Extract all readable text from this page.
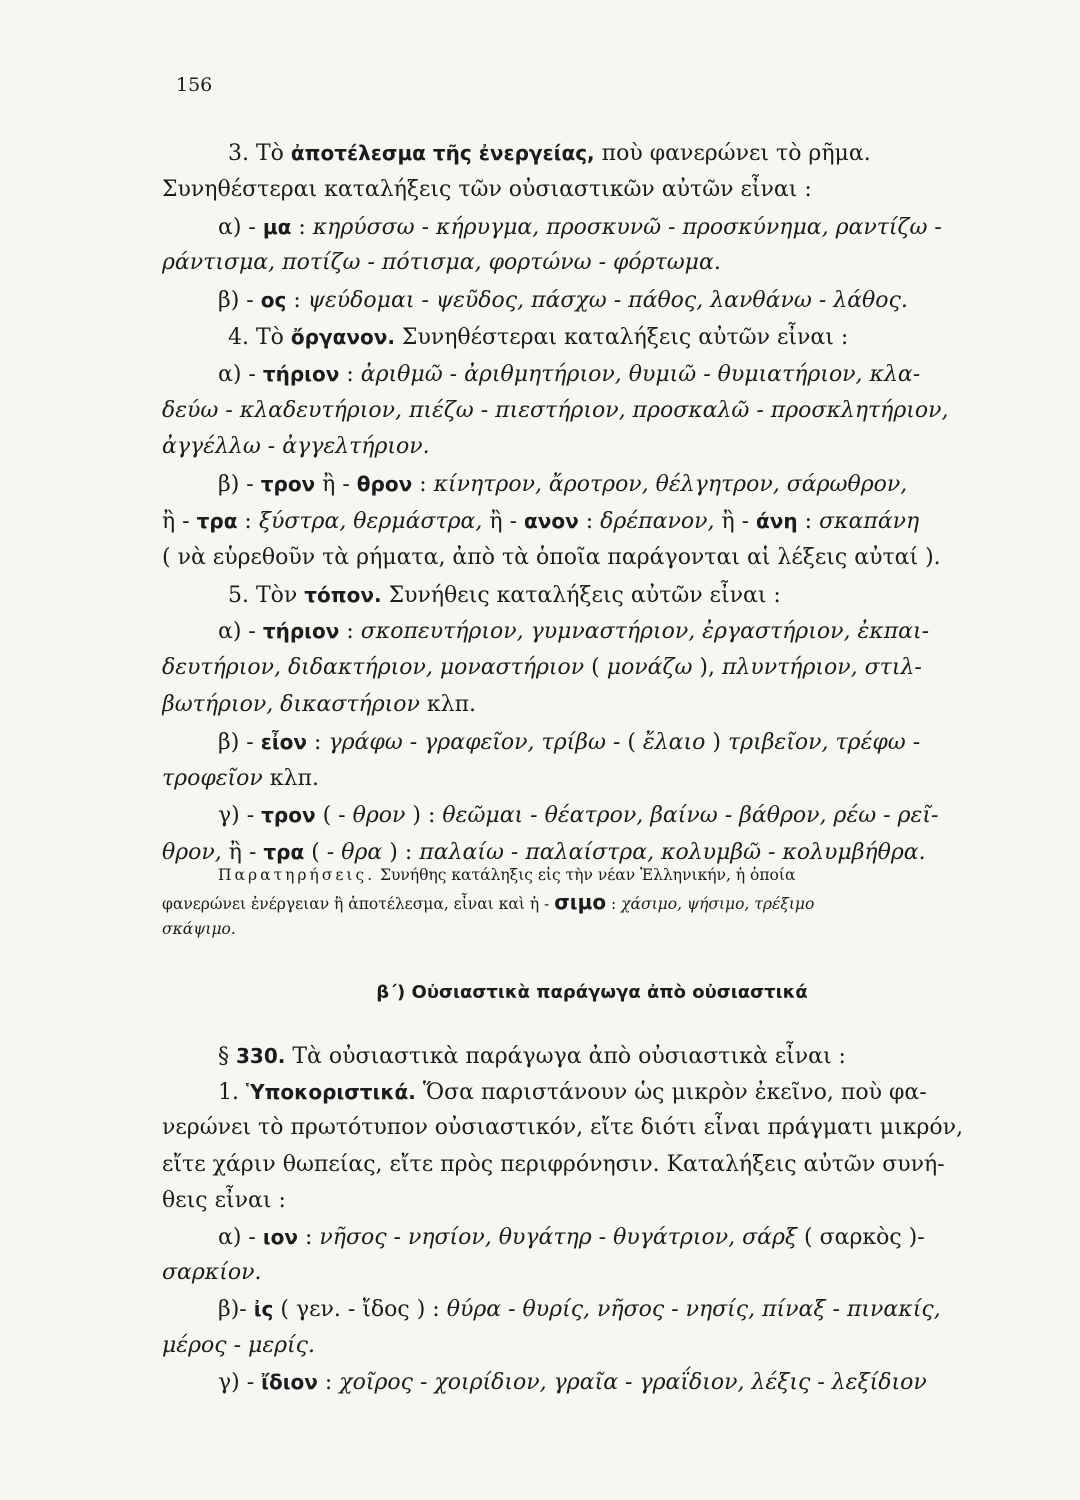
156
3. Τὸ ἀποτέλεσμα τῆς ἐνεργείας, ποὺ φανερώνει τὸ ρῆμα.
Συνηθέστεραι καταλήξεις τῶν οὐσιαστικῶν αὐτῶν εἶναι :
α) - μα : κηρύσσω - κήρυγμα, προσκυνῶ - προσκύνημα, ραντίζω -
ράντισμα, ποτίζω - πότισμα, φορτώνω - φόρτωμα.
β) - ος : ψεύδομαι - ψεῦδος, πάσχω - πάθος, λανθάνω - λάθος.
4. Τὸ ὄργανον. Συνηθέστεραι καταλήξεις αὐτῶν εἶναι :
α) - τήριον : ἀριθμῶ - ἀριθμητήριον, θυμιῶ - θυμιατήριον, κλα-
δεύω - κλαδευτήριον, πιέζω - πιεστήριον, προσκαλῶ - προσκλητήριον,
ἀγγέλλω - ἀγγελτήριον.
β) - τρον ἢ - θρον : κίνητρον, ἄροτρον, θέλγητρον, σάρωθρον,
ἢ - τρα : ξύστρα, θερμάστρα, ἢ - ανον : δρέπανον, ἢ - άνη : σκαπάνη
( νὰ εὑρεθοῦν τὰ ρήματα, ἀπὸ τὰ ὁποῖα παράγονται αἱ λέξεις αὐταί ).
5. Τὸν τόπον. Συνήθεις καταλήξεις αὐτῶν εἶναι :
α) - τήριον : σκοπευτήριον, γυμναστήριον, ἐργαστήριον, ἐκπαι-
δευτήριον, διδακτήριον, μοναστήριον ( μονάζω ), πλυντήριον, στιλ-
βωτήριον, δικαστήριον κλπ.
β) - εἶον : γράφω - γραφεῖον, τρίβω - ( ἔλαιο ) τριβεῖον, τρέφω -
τροφεῖον κλπ.
γ) - τρον ( - θρον ) : θεῶμαι - θέατρον, βαίνω - βάθρον, ρέω - ρεῖ-
θρον, ἢ - τρα ( - θρα ) : παλαίω - παλαίστρα, κολυμβῶ - κολυμβήθρα.
Παρατηρήσεις. Συνήθης κατάληξις εἰς τὴν νέαν Ἑλληνικήν, ἡ ὁποία
φανερώνει ἐνέργειαν ἢ ἀποτέλεσμα, εἶναι καὶ ἡ - σιμο : χάσιμο, ψήσιμο, τρέξιμο
σκάψιμο.
β΄) Οὐσιαστικὰ παράγωγα ἀπὸ οὐσιαστικά
§ 330. Τὰ οὐσιαστικὰ παράγωγα ἀπὸ οὐσιαστικὰ εἶναι :
1. Ὑποκοριστικά. Ὅσα παριστάνουν ὡς μικρὸν ἐκεῖνο, ποὺ φα-
νερώνει τὸ πρωτότυπον οὐσιαστικόν, εἴτε διότι εἶναι πράγματι μικρόν,
εἴτε χάριν θωπείας, εἴτε πρὸς περιφρόνησιν. Καταλήξεις αὐτῶν συνή-
θεις εἶναι :
α) - ιον : νῆσος - νησίον, θυγάτηρ - θυγάτριον, σάρξ ( σαρκὸς )-
σαρκίον.
β)- ἰς ( γεν. - ἴδος ) : θύρα - θυρίς, νῆσος - νησίς, πίναξ - πινακίς,
μέρος - μερίς.
γ) - ἴδιον : χοῖρος - χοιρίδιον, γραῖα - γραΐδιον, λέξις - λεξίδιον
